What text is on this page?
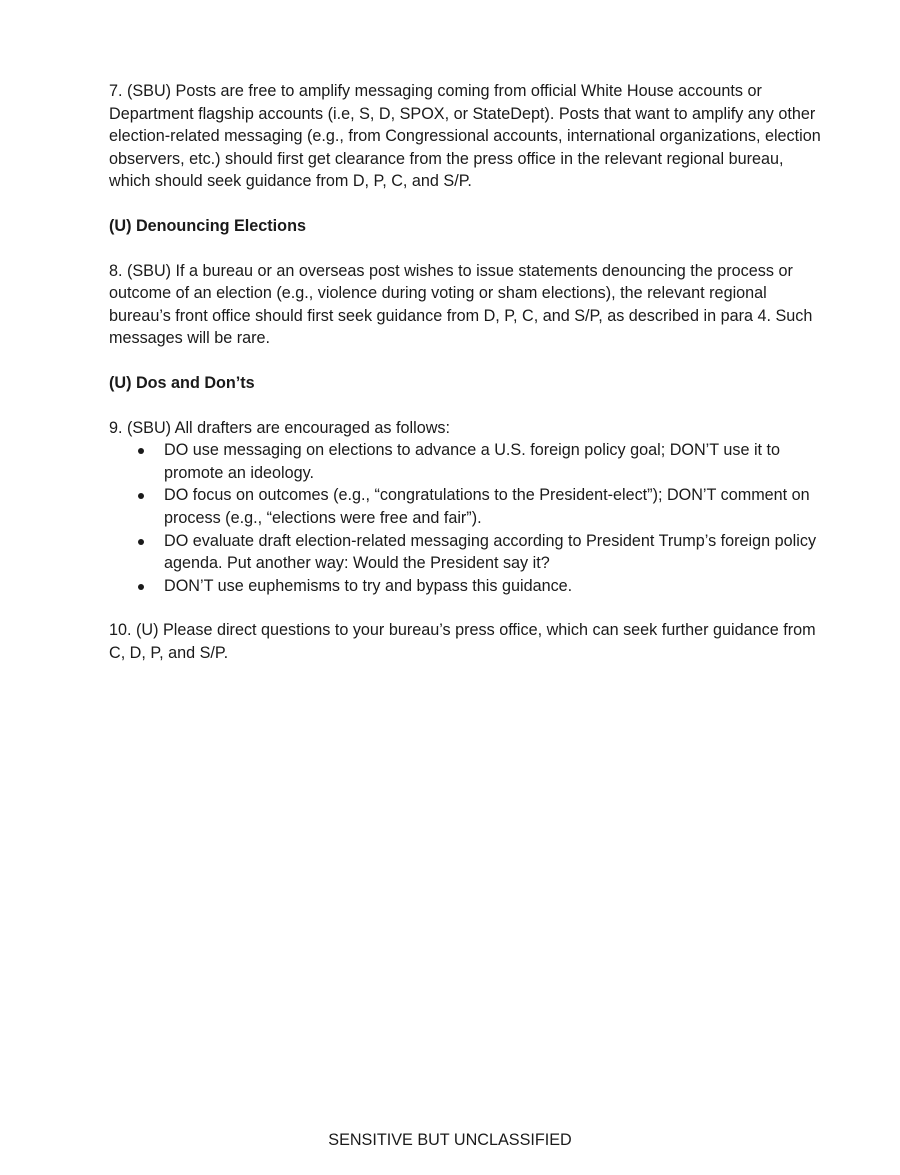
7. (SBU) Posts are free to amplify messaging coming from official White House accounts or Department flagship accounts (i.e, S, D, SPOX, or StateDept). Posts that want to amplify any other election-related messaging (e.g., from Congressional accounts, international organizations, election observers, etc.) should first get clearance from the press office in the relevant regional bureau, which should seek guidance from D, P, C, and S/P.

(U) Denouncing Elections

8. (SBU) If a bureau or an overseas post wishes to issue statements denouncing the process or outcome of an election (e.g., violence during voting or sham elections), the relevant regional bureau’s front office should first seek guidance from D, P, C, and S/P, as described in para 4. Such messages will be rare.

(U) Dos and Don’ts

9. (SBU) All drafters are encouraged as follows:

DO use messaging on elections to advance a U.S. foreign policy goal; DON’T use it to promote an ideology.
DO focus on outcomes (e.g., “congratulations to the President-elect”); DON’T comment on process (e.g., “elections were free and fair”).
DO evaluate draft election-related messaging according to President Trump’s foreign policy agenda. Put another way: Would the President say it?
DON’T use euphemisms to try and bypass this guidance.

10. (U) Please direct questions to your bureau’s press office, which can seek further guidance from C, D, P, and S/P.

SENSITIVE BUT UNCLASSIFIED
